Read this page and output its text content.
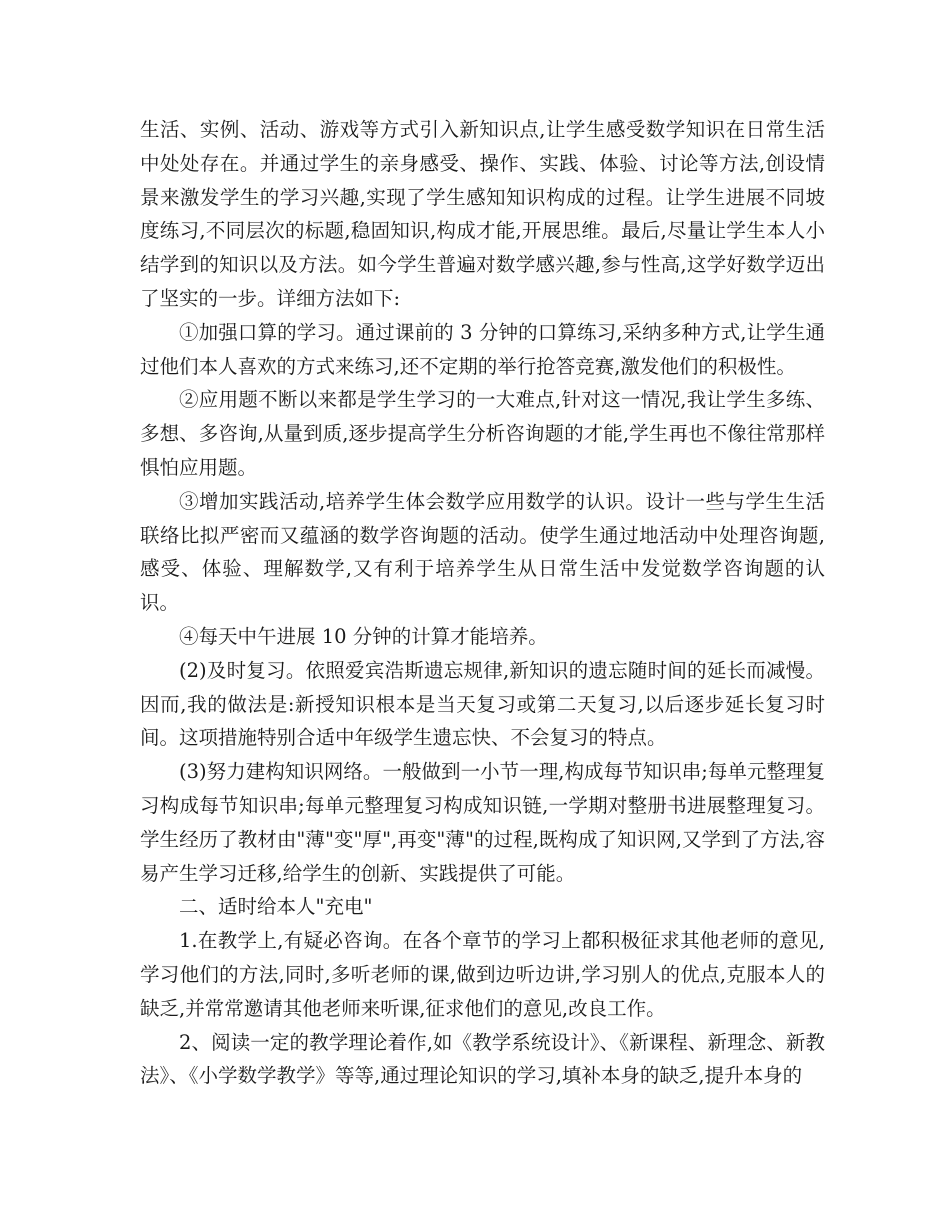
生活、实例、活动、游戏等方式引入新知识点,让学生感受数学知识在日常生活中处处存在。并通过学生的亲身感受、操作、实践、体验、讨论等方法,创设情景来激发学生的学习兴趣,实现了学生感知知识构成的过程。让学生进展不同坡度练习,不同层次的标题,稳固知识,构成才能,开展思维。最后,尽量让学生本人小结学到的知识以及方法。如今学生普遍对数学感兴趣,参与性高,这学好数学迈出了坚实的一步。详细方法如下:

①加强口算的学习。通过课前的 3 分钟的口算练习,采纳多种方式,让学生通过他们本人喜欢的方式来练习,还不定期的举行抢答竞赛,激发他们的积极性。

②应用题不断以来都是学生学习的一大难点,针对这一情况,我让学生多练、多想、多咨询,从量到质,逐步提高学生分析咨询题的才能,学生再也不像往常那样惧怕应用题。

③增加实践活动,培养学生体会数学应用数学的认识。设计一些与学生生活联络比拟严密而又蕴涵的数学咨询题的活动。使学生通过地活动中处理咨询题,感受、体验、理解数学,又有利于培养学生从日常生活中发觉数学咨询题的认识。

④每天中午进展 10 分钟的计算才能培养。

(2)及时复习。依照爱宾浩斯遗忘规律,新知识的遗忘随时间的延长而减慢。因而,我的做法是:新授知识根本是当天复习或第二天复习,以后逐步延长复习时间。这项措施特别合适中年级学生遗忘快、不会复习的特点。

(3)努力建构知识网络。一般做到一小节一理,构成每节知识串;每单元整理复习构成每节知识串;每单元整理复习构成知识链,一学期对整册书进展整理复习。学生经历了教材由"薄"变"厚",再变"薄"的过程,既构成了知识网,又学到了方法,容易产生学习迁移,给学生的创新、实践提供了可能。

二、适时给本人"充电"

1.在教学上,有疑必咨询。在各个章节的学习上都积极征求其他老师的意见,学习他们的方法,同时,多听老师的课,做到边听边讲,学习别人的优点,克服本人的缺乏,并常常邀请其他老师来听课,征求他们的意见,改良工作。

2、阅读一定的教学理论着作,如《教学系统设计》、《新课程、新理念、新教法》、《小学数学教学》等等,通过理论知识的学习,填补本身的缺乏,提升本身的
